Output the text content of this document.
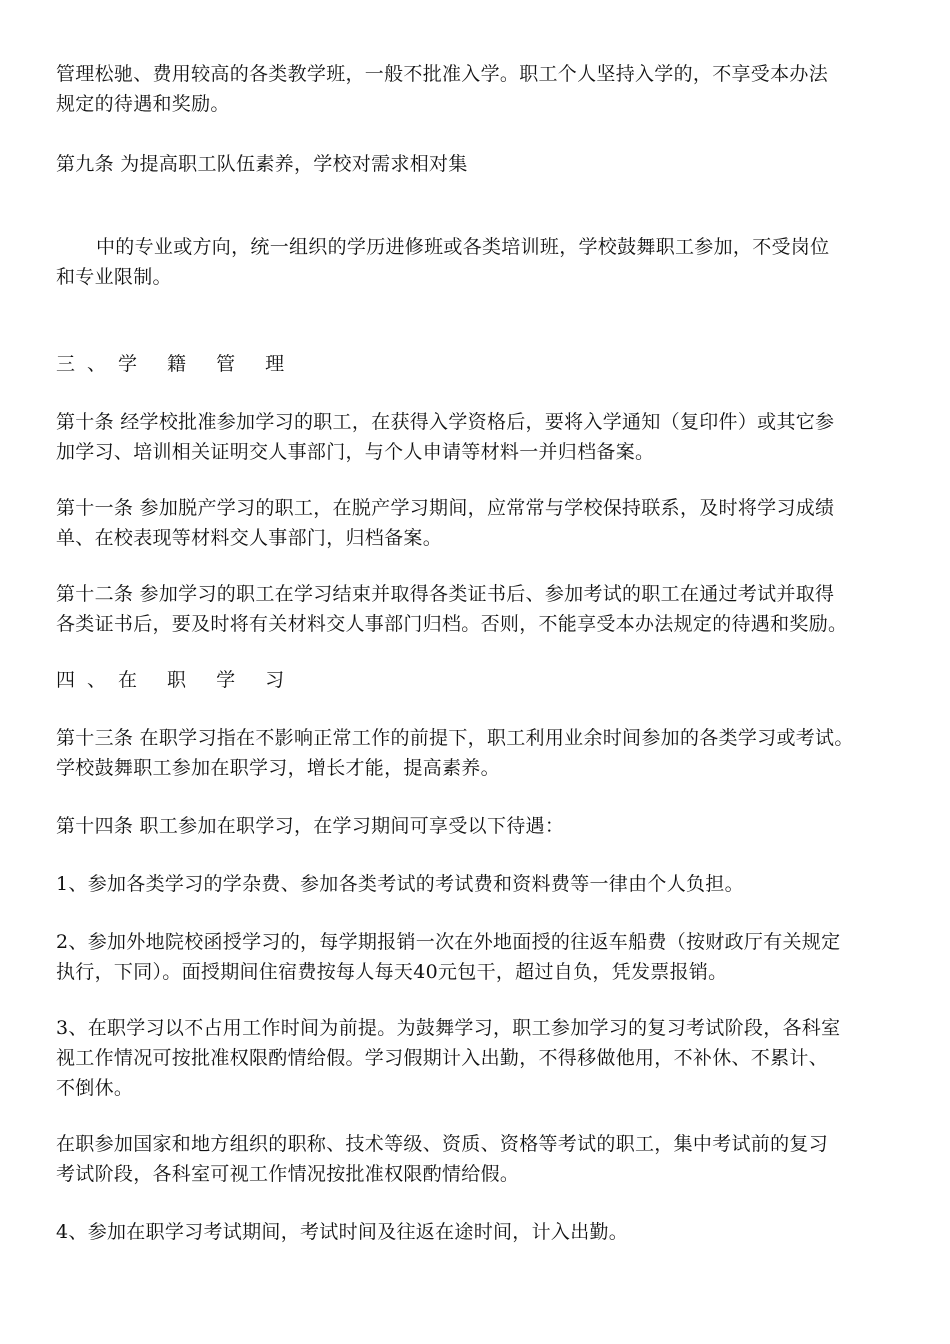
管理松驰、费用较高的各类教学班，一般不批准入学。职工个人坚持入学的，不享受本办法
规定的待遇和奖励。
第九条 为提高职工队伍素养，学校对需求相对集
中的专业或方向，统一组织的学历进修班或各类培训班，学校鼓舞职工参加，不受岗位
和专业限制。
三、学 籍 管 理
第十条 经学校批准参加学习的职工，在获得入学资格后，要将入学通知（复印件）或其它参
加学习、培训相关证明交人事部门，与个人申请等材料一并归档备案。
第十一条 参加脱产学习的职工，在脱产学习期间，应常常与学校保持联系，及时将学习成绩
单、在校表现等材料交人事部门，归档备案。
第十二条 参加学习的职工在学习结束并取得各类证书后、参加考试的职工在通过考试并取得
各类证书后，要及时将有关材料交人事部门归档。否则，不能享受本办法规定的待遇和奖励。
四、在 职 学 习
第十三条 在职学习指在不影响正常工作的前提下，职工利用业余时间参加的各类学习或考试。
学校鼓舞职工参加在职学习，增长才能，提高素养。
第十四条 职工参加在职学习，在学习期间可享受以下待遇：
1、参加各类学习的学杂费、参加各类考试的考试费和资料费等一律由个人负担。
2、参加外地院校函授学习的，每学期报销一次在外地面授的往返车船费（按财政厅有关规定
执行，下同）。面授期间住宿费按每人每天40元包干，超过自负，凭发票报销。
3、在职学习以不占用工作时间为前提。为鼓舞学习，职工参加学习的复习考试阶段，各科室
视工作情况可按批准权限酌情给假。学习假期计入出勤，不得移做他用，不补休、不累计、
不倒休。
在职参加国家和地方组织的职称、技术等级、资质、资格等考试的职工，集中考试前的复习
考试阶段，各科室可视工作情况按批准权限酌情给假。
4、参加在职学习考试期间，考试时间及往返在途时间，计入出勤。
